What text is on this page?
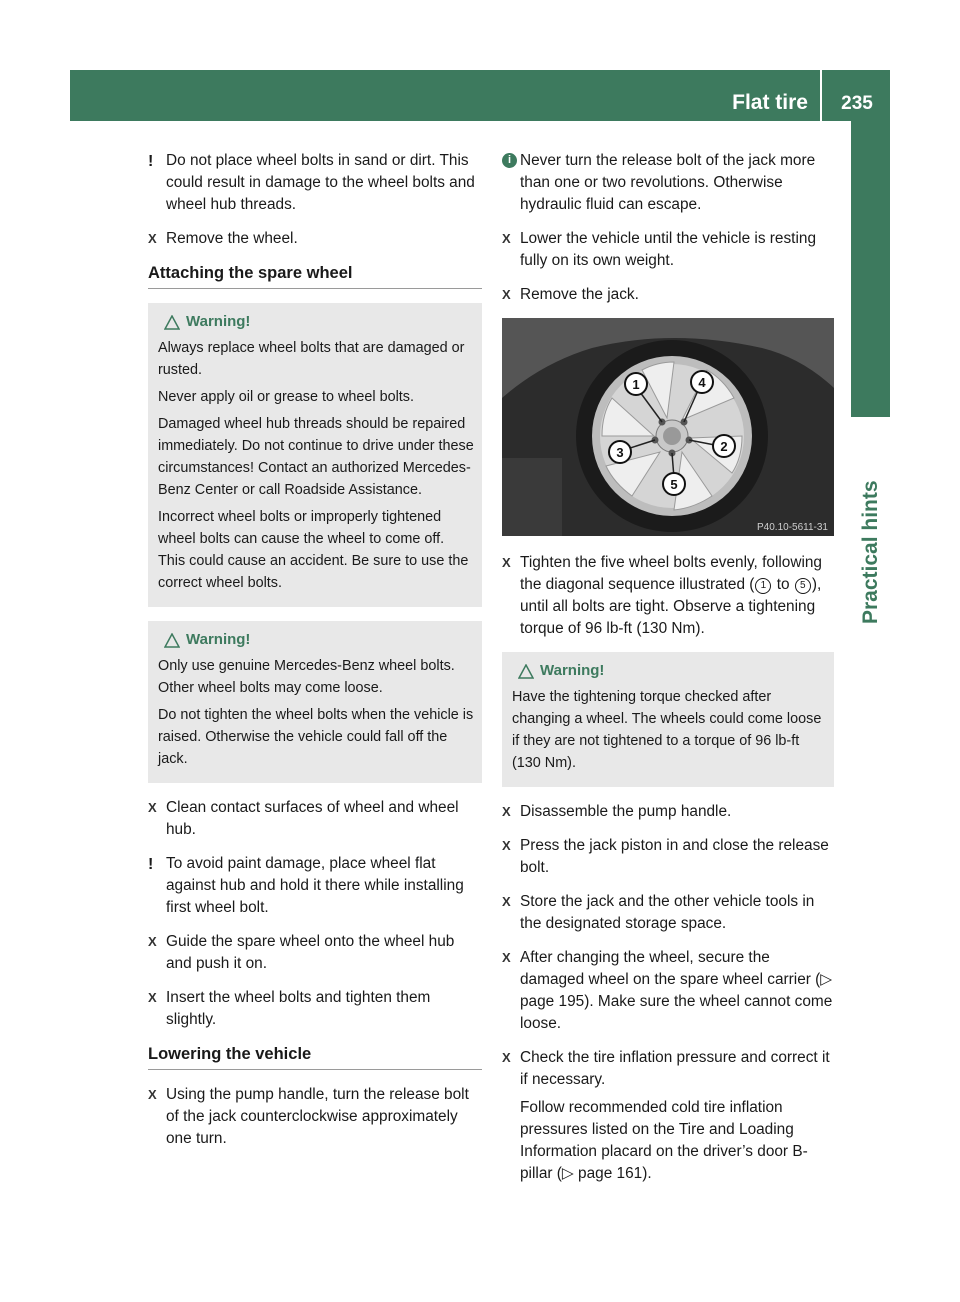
Flat tire	235
Practical hints
! Do not place wheel bolts in sand or dirt. This could result in damage to the wheel bolts and wheel hub threads.

X Remove the wheel.

Attaching the spare wheel
Warning!

Always replace wheel bolts that are damaged or rusted.

Never apply oil or grease to wheel bolts.

Damaged wheel hub threads should be repaired immediately. Do not continue to drive under these circumstances! Contact an authorized Mercedes-Benz Center or call Roadside Assistance.

Incorrect wheel bolts or improperly tightened wheel bolts can cause the wheel to come off. This could cause an accident. Be sure to use the correct wheel bolts.

Warning!

Only use genuine Mercedes-Benz wheel bolts. Other wheel bolts may come loose.

Do not tighten the wheel bolts when the vehicle is raised. Otherwise the vehicle could fall off the jack.

X Clean contact surfaces of wheel and wheel hub.

! To avoid paint damage, place wheel flat against hub and hold it there while installing first wheel bolt.

X Guide the spare wheel onto the wheel hub and push it on.

X Insert the wheel bolts and tighten them slightly.

Lowering the vehicle
X Using the pump handle, turn the release bolt of the jack counterclockwise approximately one turn.

i Never turn the release bolt of the jack more than one or two revolutions. Otherwise hydraulic fluid can escape.

X Lower the vehicle until the vehicle is resting fully on its own weight.

X Remove the jack.

1	4
2
3
5
P40.10-5611-31
X Tighten the five wheel bolts evenly, following the diagonal sequence illustrated ( 1 to 5 ), until all bolts are tight. Observe a tightening torque of 96 lb-ft (130 Nm).

Warning!

Have the tightening torque checked after changing a wheel. The wheels could come loose if they are not tightened to a torque of 96 lb-ft (130 Nm).

X Disassemble the pump handle.

X Press the jack piston in and close the release bolt.

X Store the jack and the other vehicle tools in the designated storage space.

X After changing the wheel, secure the damaged wheel on the spare wheel carrier (▷ page 195). Make sure the wheel cannot come loose.

X Check the tire inflation pressure and correct it if necessary.

Follow recommended cold tire inflation pressures listed on the Tire and Loading Information placard on the driver’s door B-pillar (▷ page 161).
